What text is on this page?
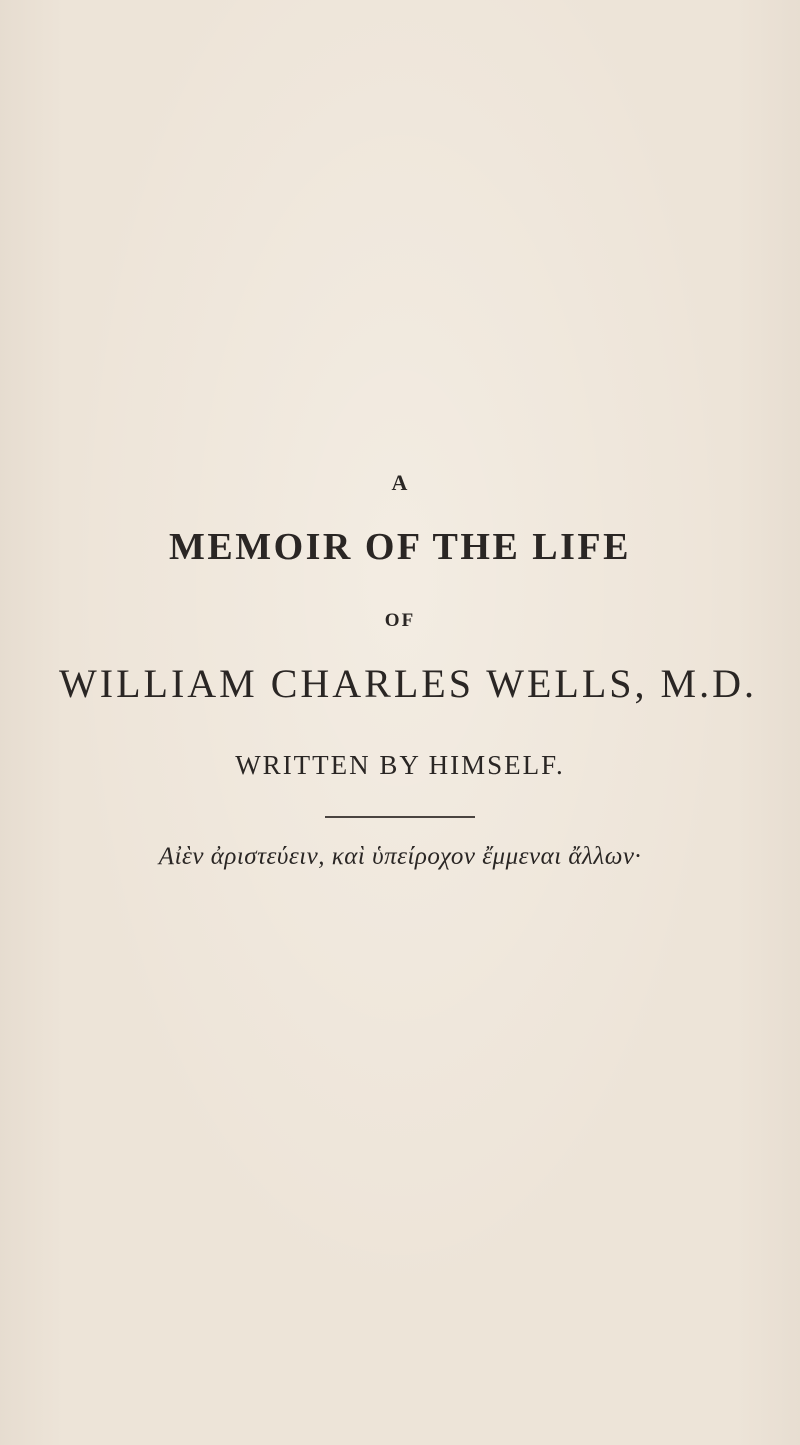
A
MEMOIR OF THE LIFE
OF
WILLIAM CHARLES WELLS, M.D.
WRITTEN BY HIMSELF.
Αἰὲν ἀριστεύειν, καὶ ὑπείροχον ἔμμεναι ἄλλων·
